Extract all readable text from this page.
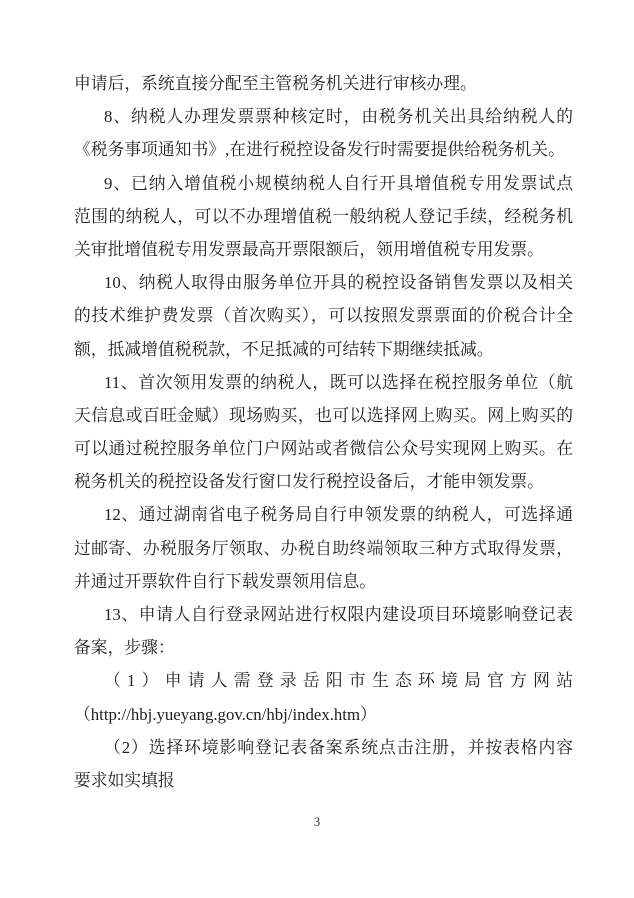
申请后，系统直接分配至主管税务机关进行审核办理。
8、纳税人办理发票票种核定时，由税务机关出具给纳税人的
《税务事项通知书》,在进行税控设备发行时需要提供给税务机关。
9、已纳入增值税小规模纳税人自行开具增值税专用发票试点
范围的纳税人，可以不办理增值税一般纳税人登记手续，经税务机
关审批增值税专用发票最高开票限额后，领用增值税专用发票。
10、纳税人取得由服务单位开具的税控设备销售发票以及相关
的技术维护费发票（首次购买），可以按照发票票面的价税合计全
额，抵减增值税税款，不足抵减的可结转下期继续抵减。
11、首次领用发票的纳税人，既可以选择在税控服务单位（航
天信息或百旺金赋）现场购买，也可以选择网上购买。网上购买的
可以通过税控服务单位门户网站或者微信公众号实现网上购买。在
税务机关的税控设备发行窗口发行税控设备后，才能申领发票。
12、通过湖南省电子税务局自行申领发票的纳税人，可选择通
过邮寄、办税服务厅领取、办税自助终端领取三种方式取得发票，
并通过开票软件自行下载发票领用信息。
13、申请人自行登录网站进行权限内建设项目环境影响登记表
备案，步骤：
（1）申请人需登录岳阳市生态环境局官方网站
（http://hbj.yueyang.gov.cn/hbj/index.htm）
（2）选择环境影响登记表备案系统点击注册，并按表格内容
要求如实填报
3
